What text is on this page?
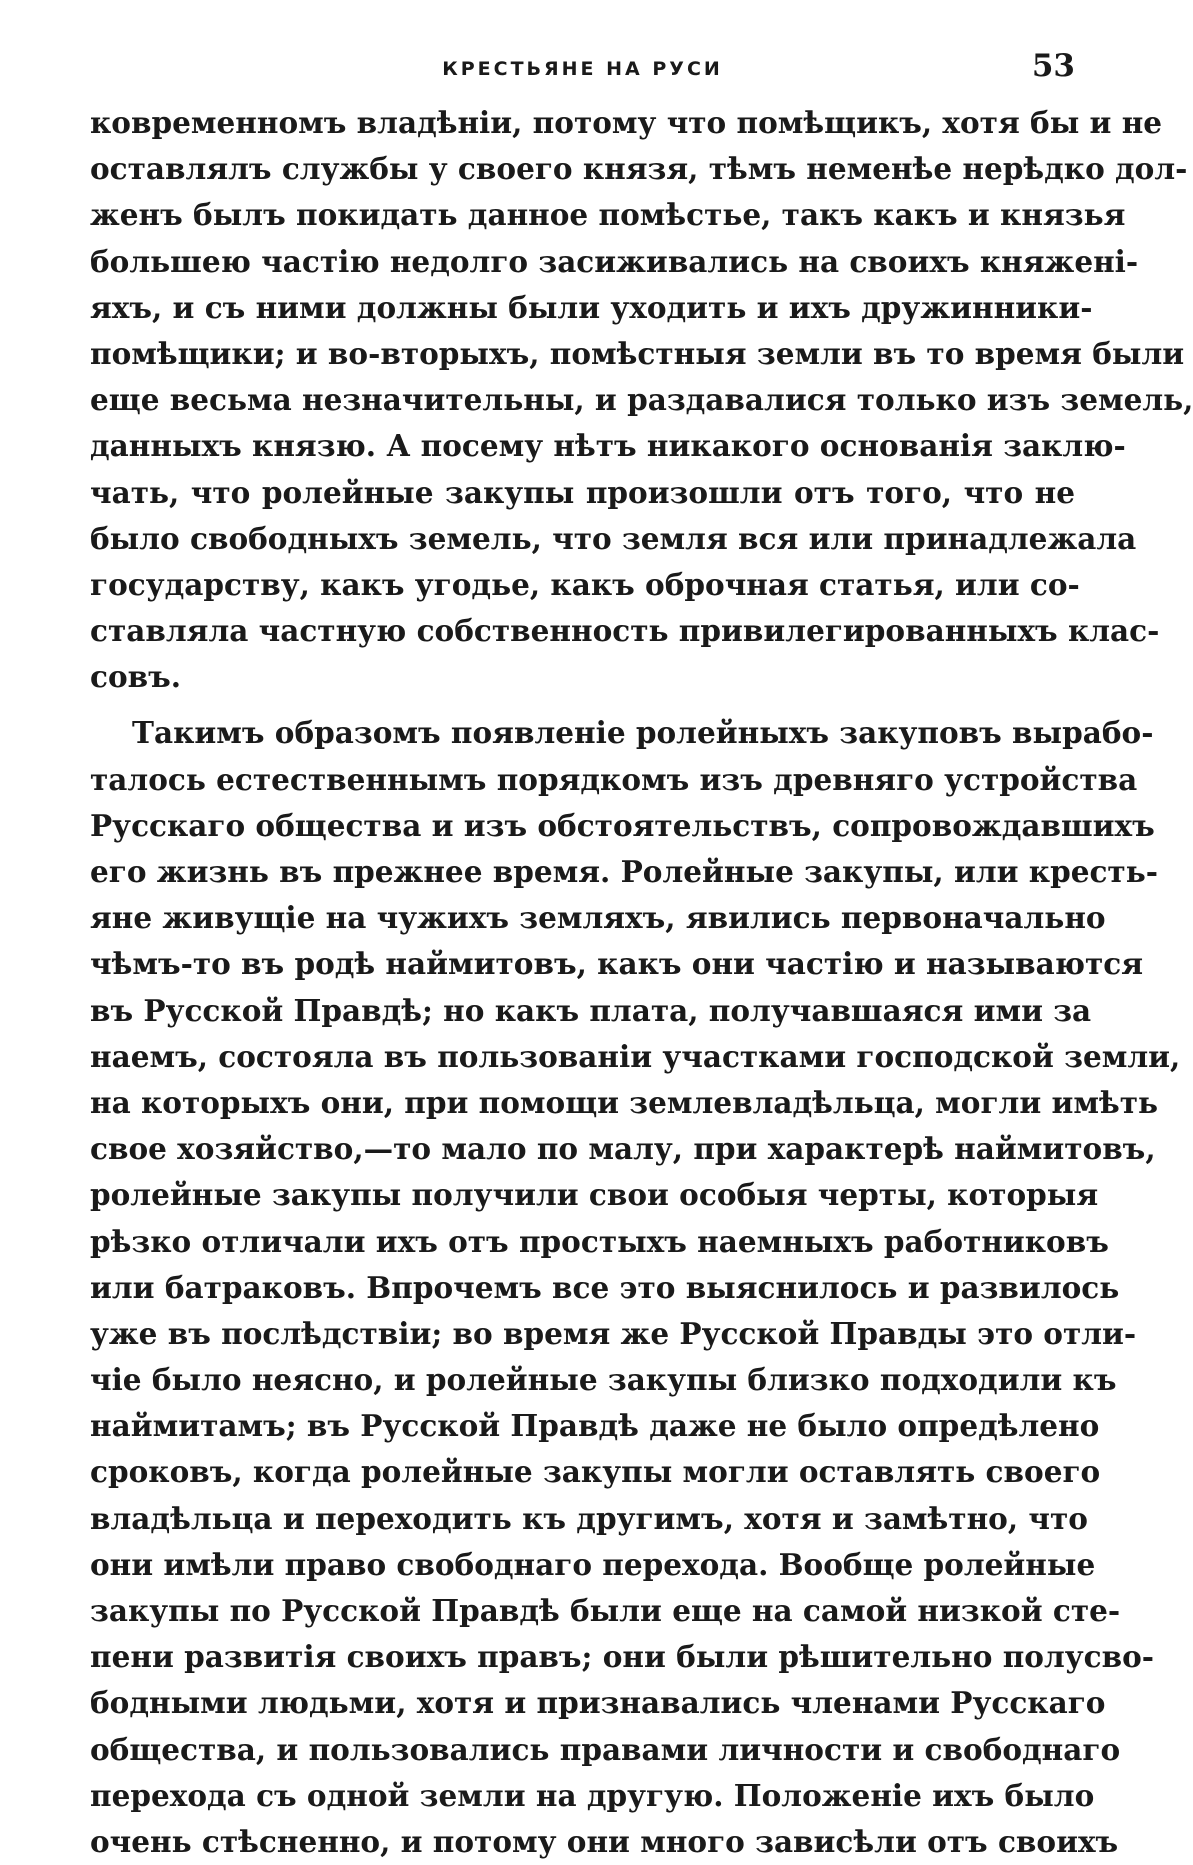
КРЕСТЬЯНЕ НА РУСИ	53
ковременномъ владѣніи, потому что помѣщикъ, хотя бы и не
оставлялъ службы у своего князя, тѣмъ неменѣе нерѣдко дол-
женъ былъ покидать данное помѣстье, такъ какъ и князья
большею частію недолго засиживались на своихъ княжені-
яхъ, и съ ними должны были уходить и ихъ дружинники-
помѣщики; и во-вторыхъ, помѣстныя земли въ то время были
еще весьма незначительны, и раздавалися только изъ земель,
данныхъ князю. А посему нѣтъ никакого основанія заклю-
чать, что ролейные закупы произошли отъ того, что не
было свободныхъ земель, что земля вся или принадлежала
государству, какъ угодье, какъ оброчная статья, или со-
ставляла частную собственность привилегированныхъ клас-
совъ.
Такимъ образомъ появленіе ролейныхъ закуповъ вырабо-
талось естественнымъ порядкомъ изъ древняго устройства
Русскаго общества и изъ обстоятельствъ, сопровождавшихъ
его жизнь въ прежнее время. Ролейные закупы, или кресть-
яне живущіе на чужихъ земляхъ, явились первоначально
чѣмъ-то въ родѣ наймитовъ, какъ они частію и называются
въ Русской Правдѣ; но какъ плата, получавшаяся ими за
наемъ, состояла въ пользованіи участками господской земли,
на которыхъ они, при помощи землевладѣльца, могли имѣть
свое хозяйство,—то мало по малу, при характерѣ наймитовъ,
ролейные закупы получили свои особыя черты, которыя
рѣзко отличали ихъ отъ простыхъ наемныхъ работниковъ
или батраковъ. Впрочемъ все это выяснилось и развилось
уже въ послѣдствіи; во время же Русской Правды это отли-
чіе было неясно, и ролейные закупы близко подходили къ
наймитамъ; въ Русской Правдѣ даже не было опредѣлено
сроковъ, когда ролейные закупы могли оставлять своего
владѣльца и переходить къ другимъ, хотя и замѣтно, что
они имѣли право свободнаго перехода. Вообще ролейные
закупы по Русской Правдѣ были еще на самой низкой сте-
пени развитія своихъ правъ; они были рѣшительно полусво-
бодными людьми, хотя и признавались членами Русскаго
общества, и пользовались правами личности и свободнаго
перехода съ одной земли на другую. Положеніе ихъ было
очень стѣсненно, и потому они много зависѣли отъ своихъ
